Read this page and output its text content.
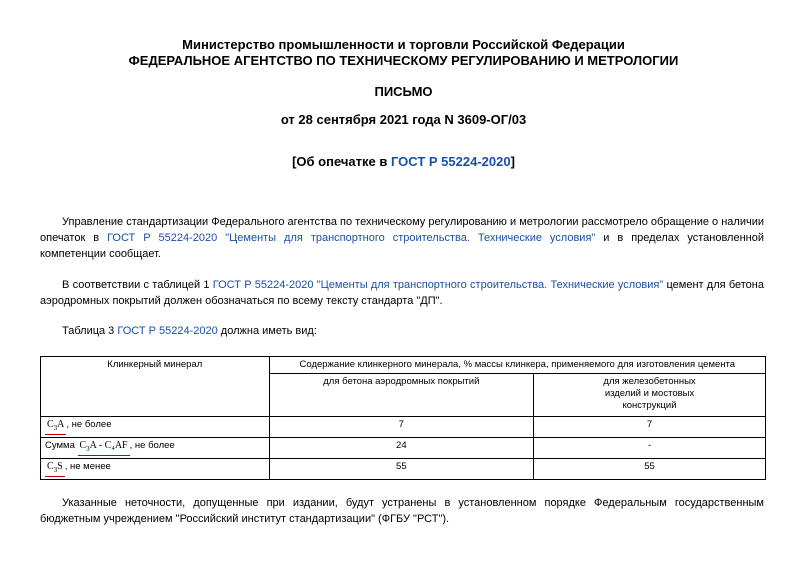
Министерство промышленности и торговли Российской Федерации
ФЕДЕРАЛЬНОЕ АГЕНТСТВО ПО ТЕХНИЧЕСКОМУ РЕГУЛИРОВАНИЮ И МЕТРОЛОГИИ
ПИСЬМО
от 28 сентября 2021 года N 3609-ОГ/03
[Об опечатке в ГОСТ Р 55224-2020]
Управление стандартизации Федерального агентства по техническому регулированию и метрологии рассмотрело обращение о наличии опечаток в ГОСТ Р 55224-2020 "Цементы для транспортного строительства. Технические условия" и в пределах установленной компетенции сообщает.
В соответствии с таблицей 1 ГОСТ Р 55224-2020 "Цементы для транспортного строительства. Технические условия" цемент для бетона аэродромных покрытий должен обозначаться по всему тексту стандарта "ДП".
Таблица 3 ГОСТ Р 55224-2020 должна иметь вид:
Клинкерный минерал	Содержание клинкерного минерала, % массы клинкера, применяемого для изготовления цемента	
	для бетона аэродромных покрытий	для железобетонных изделий и мостовых конструкций
$C_3A$ , не более	7	7
Сумма $C_3A - C_4AF$ , не более	24	-
$C_3S$ , не менее	55	55
Указанные неточности, допущенные при издании, будут устранены в установленном порядке Федеральным государственным бюджетным учреждением "Российский институт стандартизации" (ФГБУ "РСТ").
